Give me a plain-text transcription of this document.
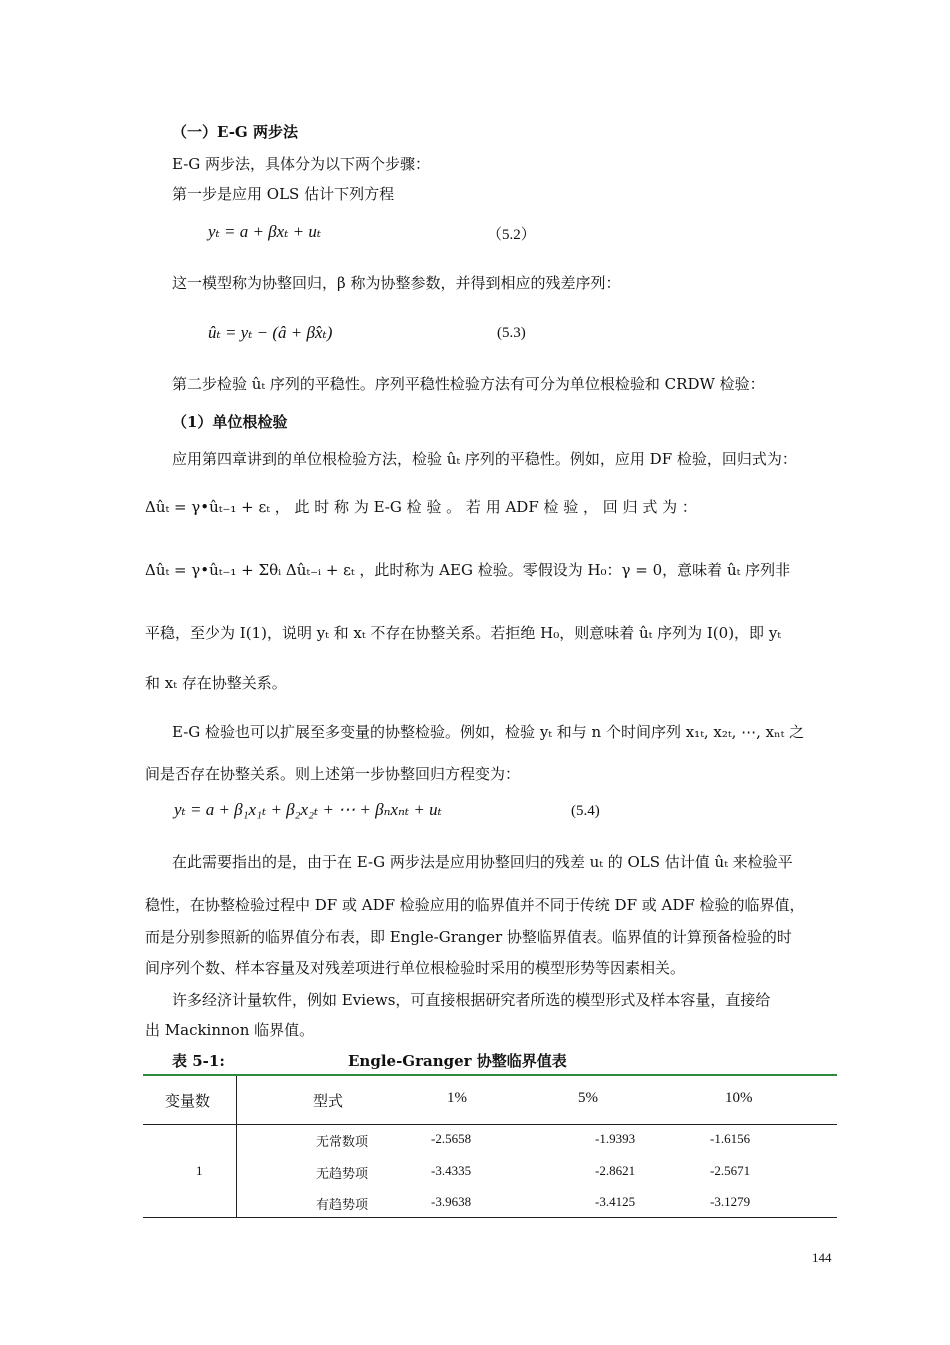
（一）E-G 两步法
E-G 两步法，具体分为以下两个步骤：
第一步是应用 OLS 估计下列方程
yₜ = a + βxₜ + uₜ	（5.2）
这一模型称为协整回归，β 称为协整参数，并得到相应的残差序列：
ûₜ = yₜ − (â + β̂xₜ)	(5.3)
第二步检验 ûₜ 序列的平稳性。序列平稳性检验方法有可分为单位根检验和 CRDW 检验：
（1）单位根检验
应用第四章讲到的单位根检验方法，检验 ûₜ 序列的平稳性。例如，应用 DF 检验，回归式为：
Δûₜ = γ•ûₜ₋₁ + εₜ ， 此 时 称 为 E-G 检 验 。 若 用 ADF 检 验 ， 回 归 式 为 ：
Δûₜ = γ•ûₜ₋₁ + Σθᵢ Δûₜ₋ᵢ + εₜ ，此时称为 AEG 检验。零假设为 H₀：γ = 0，意味着 ûₜ 序列非
平稳，至少为 I(1)，说明 yₜ 和 xₜ 不存在协整关系。若拒绝 H₀，则意味着 ûₜ 序列为 I(0)，即 yₜ
和 xₜ 存在协整关系。
E-G 检验也可以扩展至多变量的协整检验。例如，检验 yₜ 和与 n 个时间序列 x₁ₜ, x₂ₜ, ⋯, xₙₜ 之
间是否存在协整关系。则上述第一步协整回归方程变为：
yₜ = a + β₁x₁ₜ + β₂x₂ₜ + ⋯ + βₙxₙₜ + uₜ	(5.4)
在此需要指出的是，由于在 E-G 两步法是应用协整回归的残差 uₜ 的 OLS 估计值 ûₜ 来检验平
稳性，在协整检验过程中 DF 或 ADF 检验应用的临界值并不同于传统 DF 或 ADF 检验的临界值，
而是分别参照新的临界值分布表，即 Engle-Granger 协整临界值表。临界值的计算预备检验的时
间序列个数、样本容量及对残差项进行单位根检验时采用的模型形势等因素相关。
许多经济计量软件，例如 Eviews，可直接根据研究者所选的模型形式及样本容量，直接给
出 Mackinnon 临界值。
表 5-1:	Engle-Granger 协整临界值表
变量数	型式	1%	5%	10%
1
无常数项	-2.5658	-1.9393	-1.6156
无趋势项	-3.4335	-2.8621	-2.5671
有趋势项	-3.9638	-3.4125	-3.1279
144
